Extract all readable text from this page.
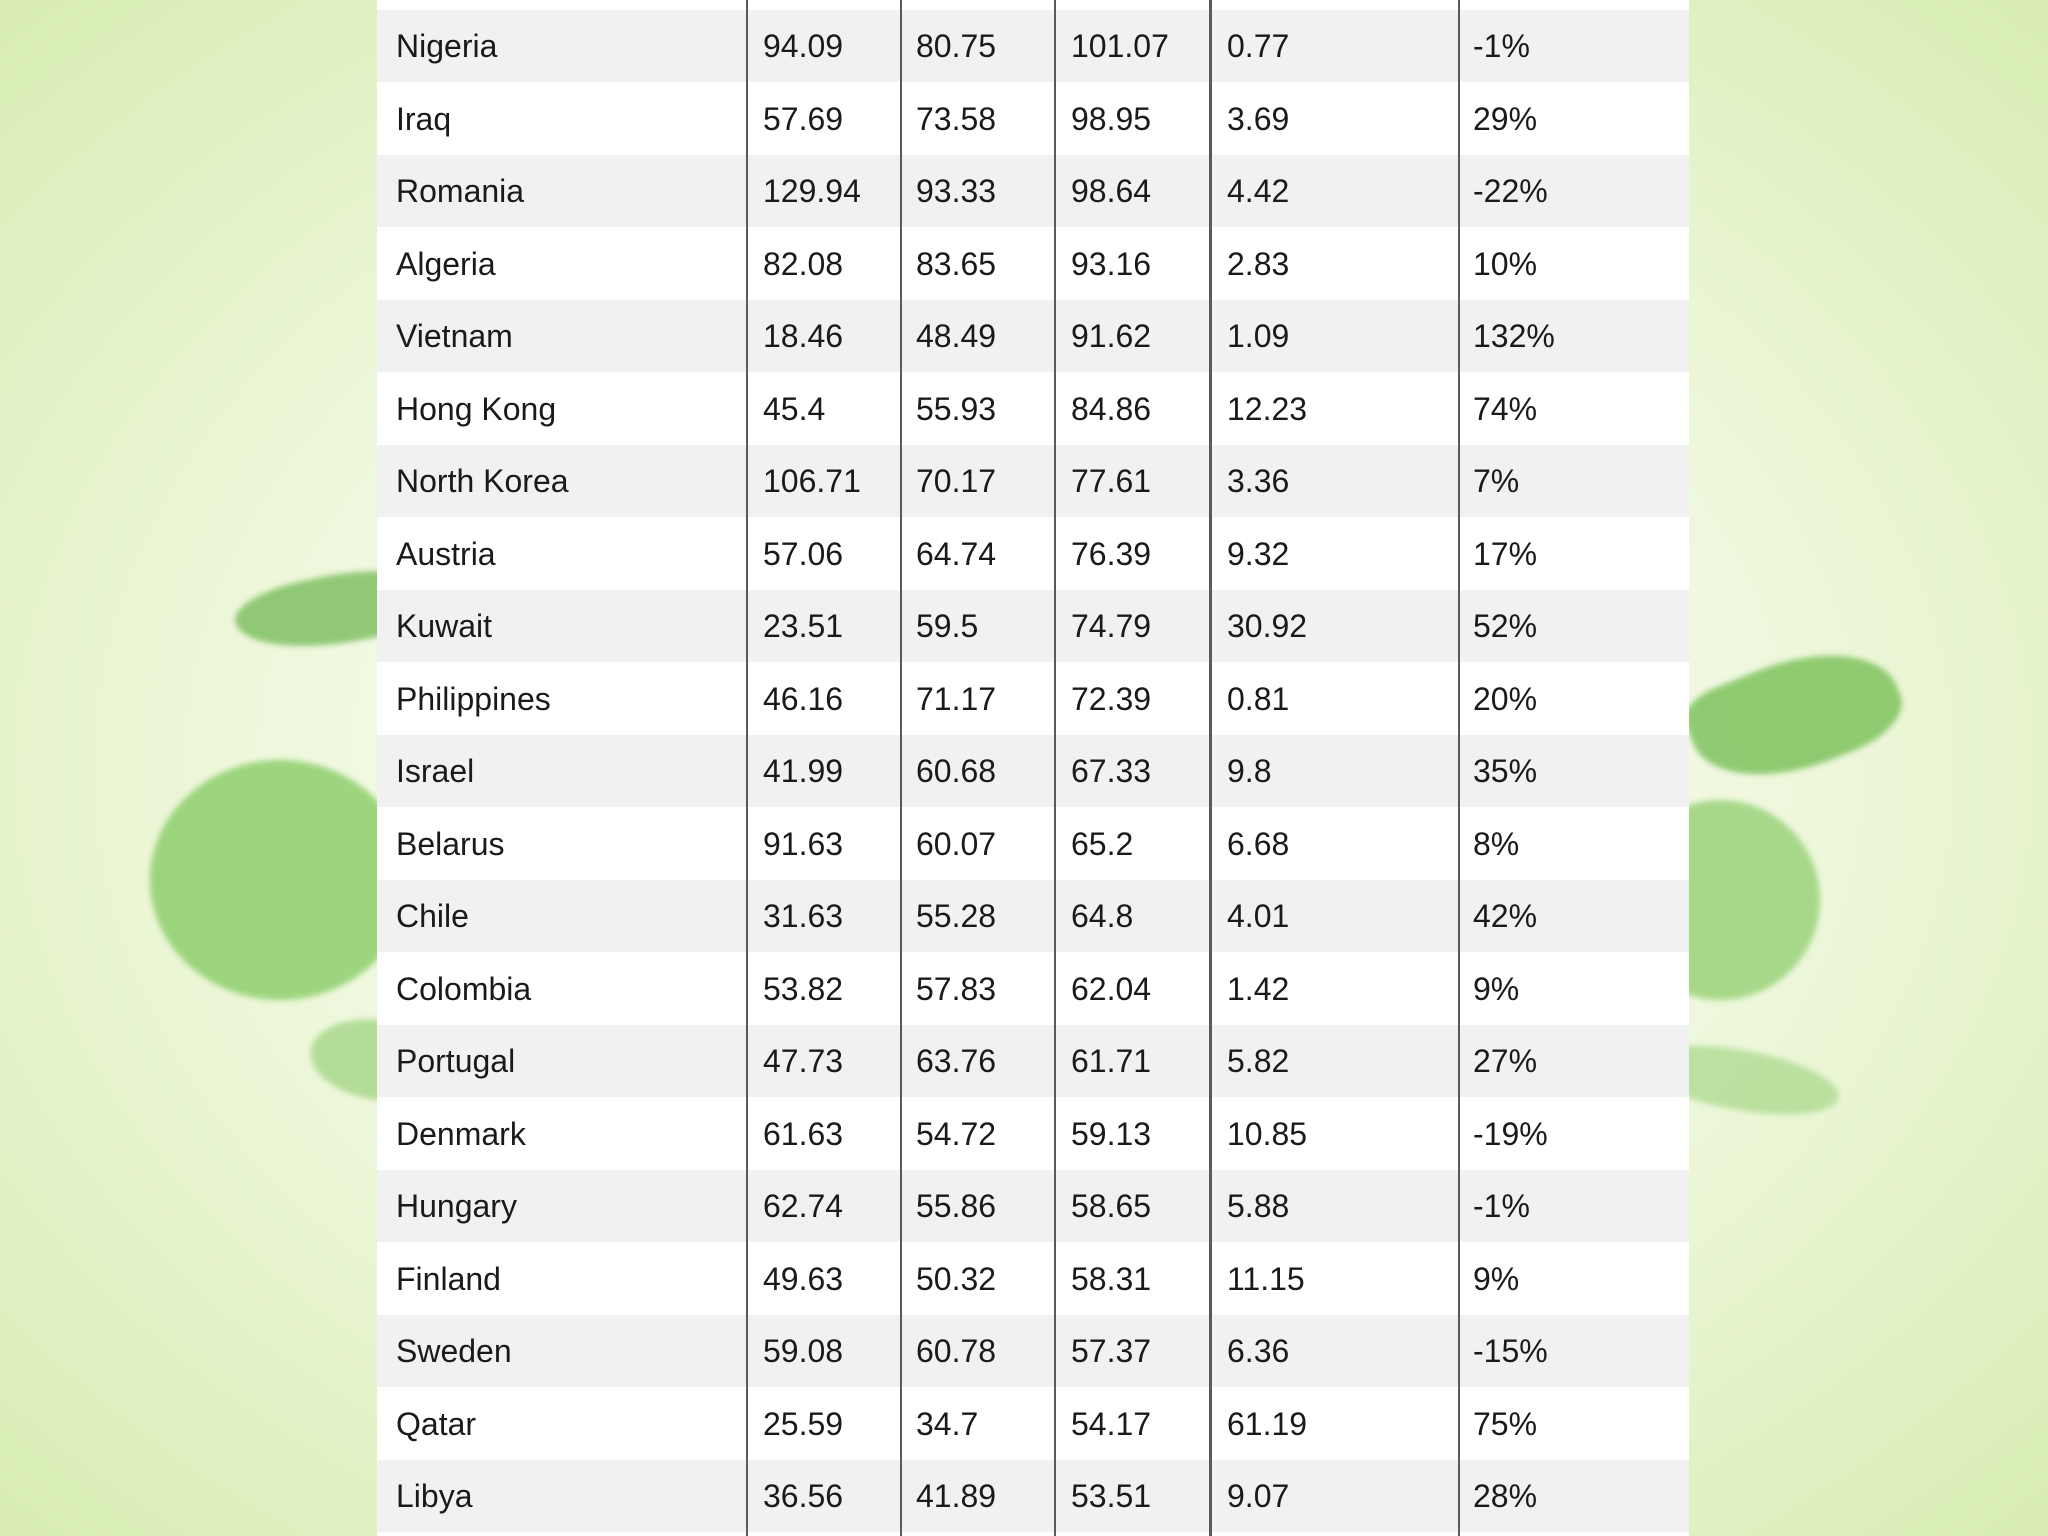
Nigeria	94.09 80.75 101.07 0.77	-1%
Iraq	57.69 73.58 98.95 3.69	29%
Romania	129.94 93.33 98.64 4.42	-22%
Algeria	82.08 83.65 93.16 2.83	10%
Vietnam	18.46 48.49 91.62 1.09	132%
Hong Kong	45.4	55.93 84.86 12.23	74%
North Korea	106.71 70.17 77.61 3.36	7%
Austria	57.06 64.74 76.39 9.32	17%
Kuwait	23.51 59.5	74.79 30.92	52%
Philippines	46.16 71.17 72.39 0.81	20%
Israel	41.99 60.68 67.33 9.8	35%
Belarus	91.63 60.07 65.2	6.68	8%
Chile	31.63 55.28 64.8	4.01	42%
Colombia	53.82 57.83 62.04 1.42	9%
Portugal	47.73 63.76 61.71 5.82	27%
Denmark	61.63 54.72 59.13 10.85	-19%
Hungary	62.74 55.86 58.65 5.88	-1%
Finland	49.63 50.32 58.31 11.15	9%
Sweden	59.08 60.78 57.37 6.36	-15%
Qatar	25.59 34.7	54.17 61.19	75%
Libya	36.56 41.89 53.51 9.07	28%
